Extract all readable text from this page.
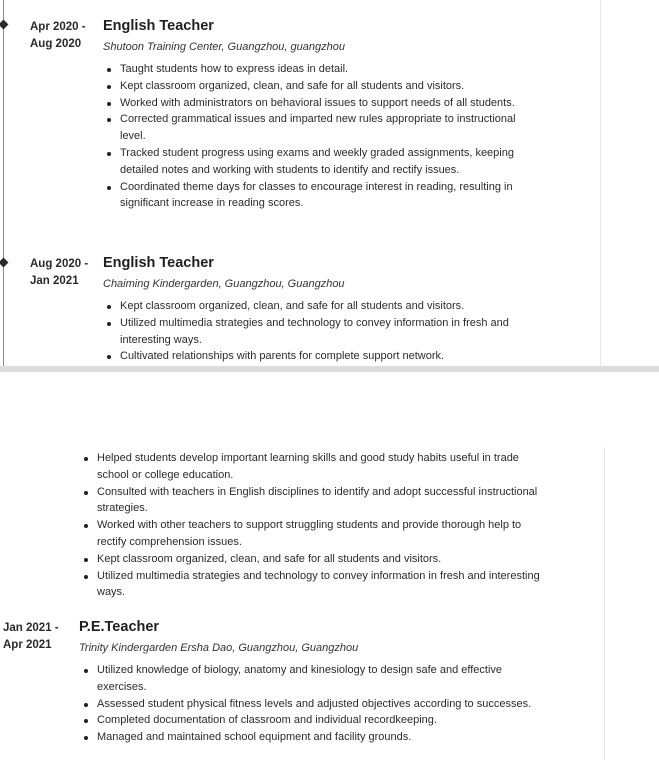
Apr 2020 -
Aug 2020
English Teacher
Shutoon Training Center, Guangzhou, guangzhou
Taught students how to express ideas in detail.
Kept classroom organized, clean, and safe for all students and visitors.
Worked with administrators on behavioral issues to support needs of all students.
Corrected grammatical issues and imparted new rules appropriate to instructional level.
Tracked student progress using exams and weekly graded assignments, keeping detailed notes and working with students to identify and rectify issues.
Coordinated theme days for classes to encourage interest in reading, resulting in significant increase in reading scores.
Aug 2020 -
Jan 2021
English Teacher
Chaiming Kindergarden, Guangzhou, Guangzhou
Kept classroom organized, clean, and safe for all students and visitors.
Utilized multimedia strategies and technology to convey information in fresh and interesting ways.
Cultivated relationships with parents for complete support network.
Helped students develop important learning skills and good study habits useful in trade school or college education.
Consulted with teachers in English disciplines to identify and adopt successful instructional strategies.
Worked with other teachers to support struggling students and provide thorough help to rectify comprehension issues.
Kept classroom organized, clean, and safe for all students and visitors.
Utilized multimedia strategies and technology to convey information in fresh and interesting ways.
Jan 2021 -
Apr 2021
P.E.Teacher
Trinity Kindergarden Ersha Dao, Guangzhou, Guangzhou
Utilized knowledge of biology, anatomy and kinesiology to design safe and effective exercises.
Assessed student physical fitness levels and adjusted objectives according to successes.
Completed documentation of classroom and individual recordkeeping.
Managed and maintained school equipment and facility grounds.
